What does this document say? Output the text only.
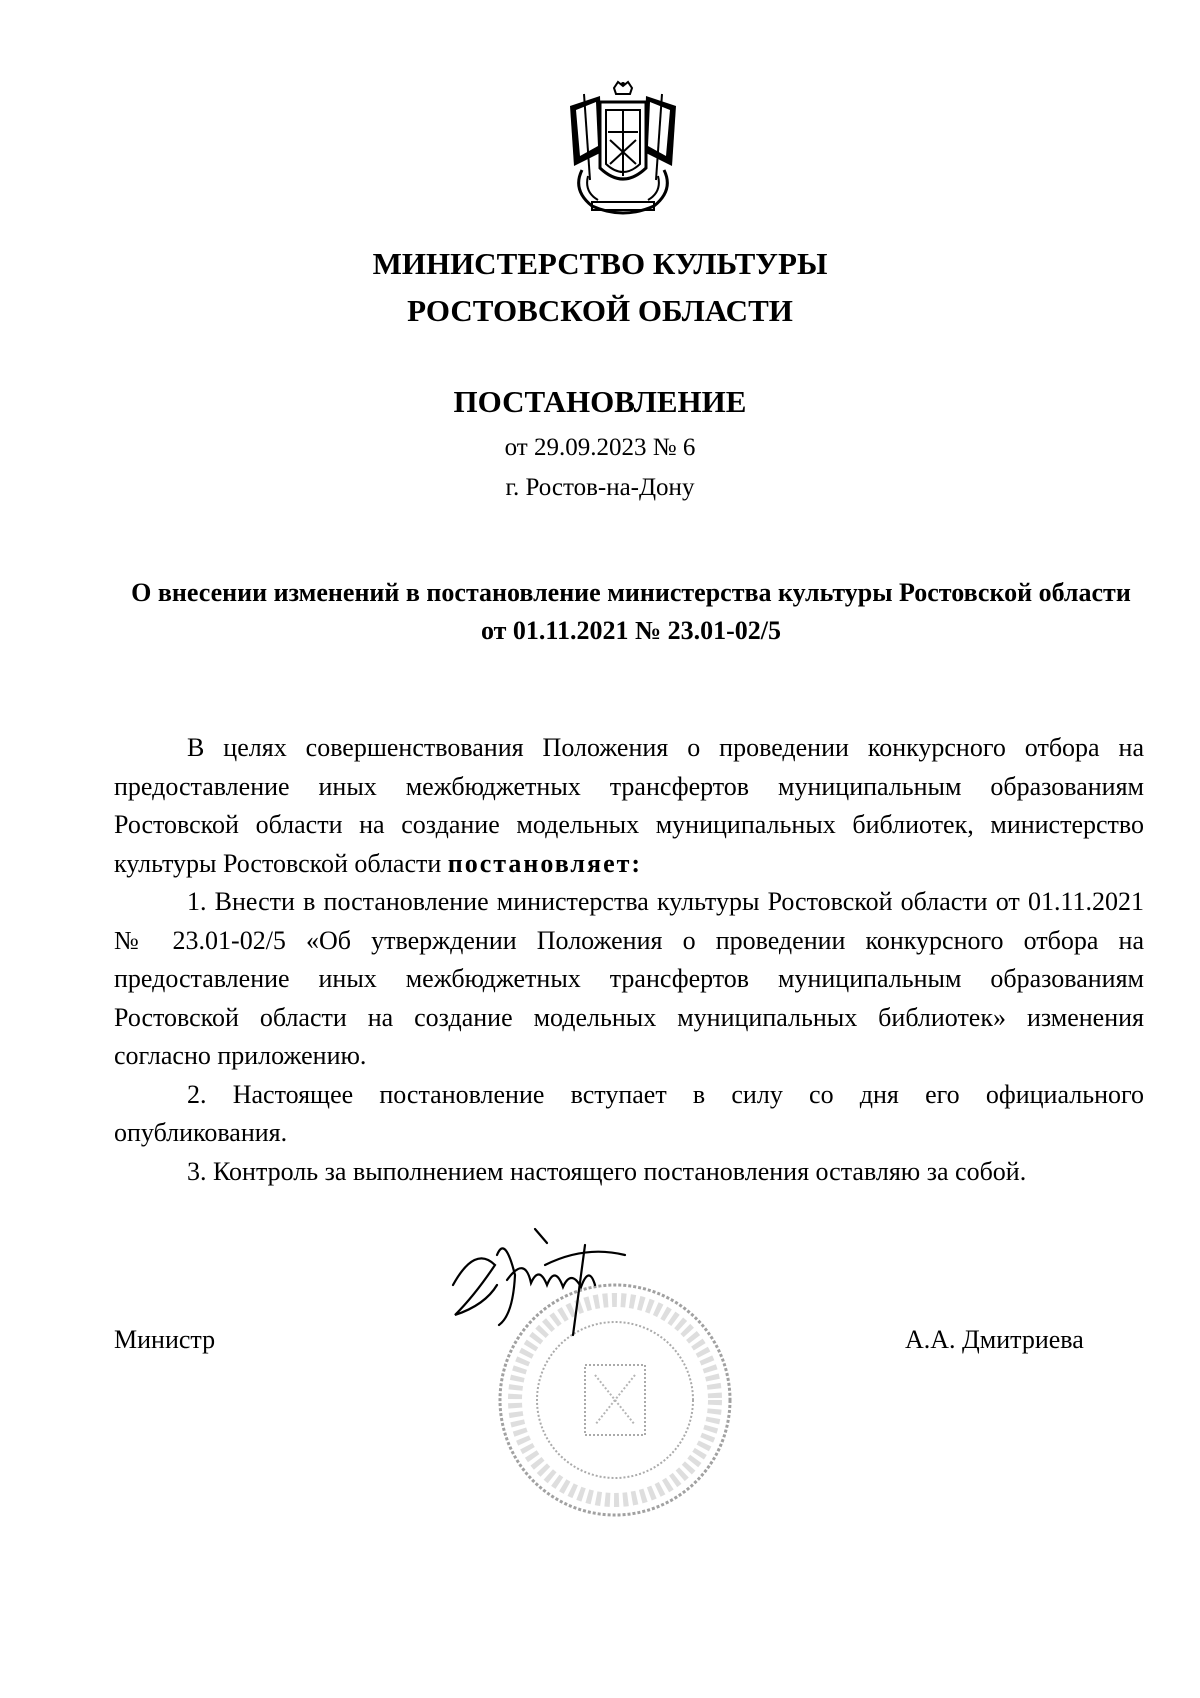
МИНИСТЕРСТВО КУЛЬТУРЫ
РОСТОВСКОЙ ОБЛАСТИ
ПОСТАНОВЛЕНИЕ
от 29.09.2023 № 6
г. Ростов-на-Дону
О внесении изменений в постановление министерства культуры Ростовской области от 01.11.2021 № 23.01-02/5

В целях совершенствования Положения о проведении конкурсного отбора на предоставление иных межбюджетных трансфертов муниципальным образованиям Ростовской области на создание модельных муниципальных библиотек, министерство культуры Ростовской области постановляет:

1. Внести в постановление министерства культуры Ростовской области от 01.11.2021 № 23.01-02/5 «Об утверждении Положения о проведении конкурсного отбора на предоставление иных межбюджетных трансфертов муниципальным образованиям Ростовской области на создание модельных муниципальных библиотек» изменения согласно приложению.

2. Настоящее постановление вступает в силу со дня его официального опубликования.

3. Контроль за выполнением настоящего постановления оставляю за собой.

Министр	А.А. Дмитриева
